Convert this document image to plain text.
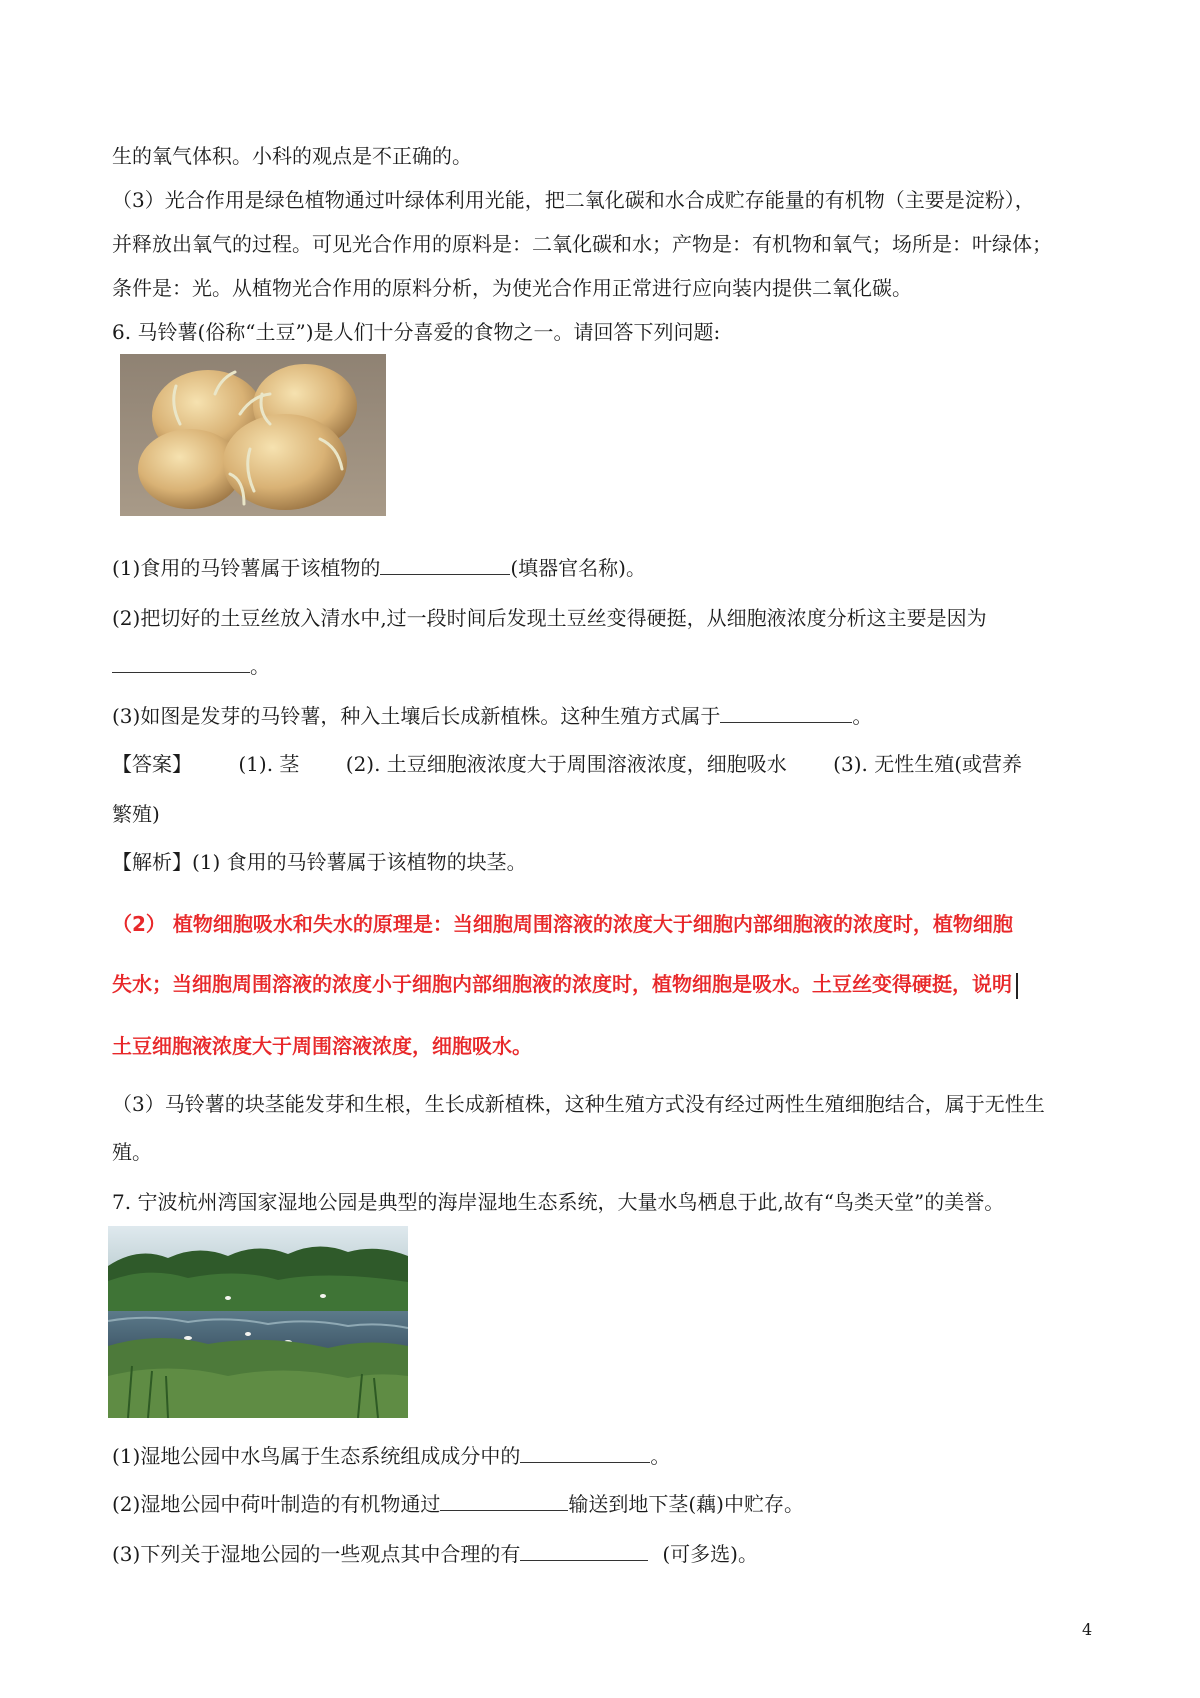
生的氧气体积。小科的观点是不正确的。
（3）光合作用是绿色植物通过叶绿体利用光能，把二氧化碳和水合成贮存能量的有机物（主要是淀粉），
并释放出氧气的过程。可见光合作用的原料是：二氧化碳和水；产物是：有机物和氧气；场所是：叶绿体；
条件是：光。从植物光合作用的原料分析，为使光合作用正常进行应向装内提供二氧化碳。
6. 马铃薯(俗称“土豆”)是人们十分喜爱的食物之一。请回答下列问题:
(1)食用的马铃薯属于该植物的	(填器官名称)。
(2)把切好的土豆丝放入清水中,过一段时间后发现土豆丝变得硬挺，从细胞液浓度分析这主要是因为
。
(3)如图是发芽的马铃薯，种入土壤后长成新植株。这种生殖方式属于	。
【答案】 (1). 茎 (2). 土豆细胞液浓度大于周围溶液浓度，细胞吸水 (3). 无性生殖(或营养
繁殖)
【解析】(1) 食用的马铃薯属于该植物的块茎。
（2） 植物细胞吸水和失水的原理是：当细胞周围溶液的浓度大于细胞内部细胞液的浓度时，植物细胞
失水；当细胞周围溶液的浓度小于细胞内部细胞液的浓度时，植物细胞是吸水。土豆丝变得硬挺，说明
土豆细胞液浓度大于周围溶液浓度，细胞吸水。
（3）马铃薯的块茎能发芽和生根，生长成新植株，这种生殖方式没有经过两性生殖细胞结合，属于无性生
殖。
7. 宁波杭州湾国家湿地公园是典型的海岸湿地生态系统，大量水鸟栖息于此,故有“鸟类天堂”的美誉。
(1)湿地公园中水鸟属于生态系统组成成分中的	。
(2)湿地公园中荷叶制造的有机物通过	输送到地下茎(藕)中贮存。
(3)下列关于湿地公园的一些观点其中合理的有	(可多选)。
4
